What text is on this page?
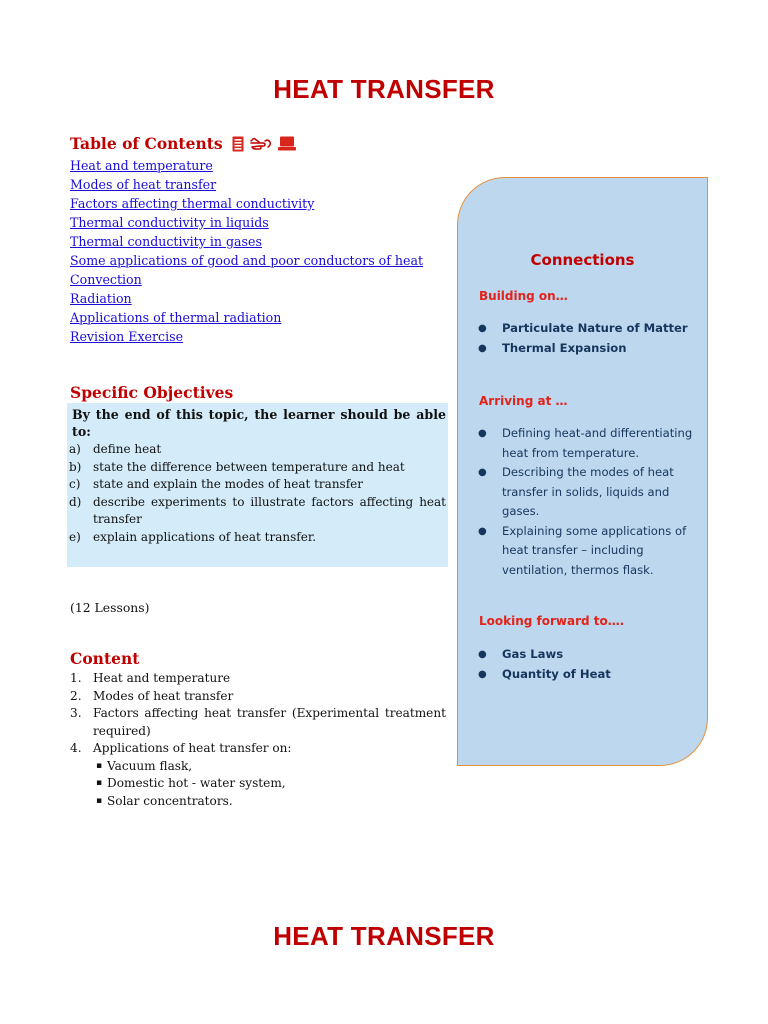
HEAT TRANSFER
Table of Contents
Heat and temperature
Modes of heat transfer
Factors affecting thermal conductivity
Thermal conductivity in liquids
Thermal conductivity in gases
Some applications of good and poor conductors of heat
Convection
Radiation
Applications of thermal radiation
Revision Exercise
Specific Objectives

By the end of this topic, the learner should be able to:

a)	define heat
b) state the difference between temperature and heat
c)	state and explain the modes of heat transfer
d) describe experiments to illustrate factors affecting heat transfer
e)	explain applications of heat transfer.
(12 Lessons)
Content
1. Heat and temperature
2. Modes of heat transfer
3. Factors affecting heat transfer (Experimental treatment required)
4. Applications of heat transfer on:
▪ Vacuum flask,
▪ Domestic hot - water system,
▪ Solar concentrators.
Connections
Building on…
●	Particulate Nature of Matter
●	Thermal Expansion
Arriving at …
●	Defining heat-and differentiating heat from temperature.
●	Describing the modes of heat transfer in solids, liquids and gases.
●	Explaining some applications of heat transfer – including ventilation, thermos flask.
Looking forward to….
●	Gas Laws
●	Quantity of Heat
HEAT TRANSFER
